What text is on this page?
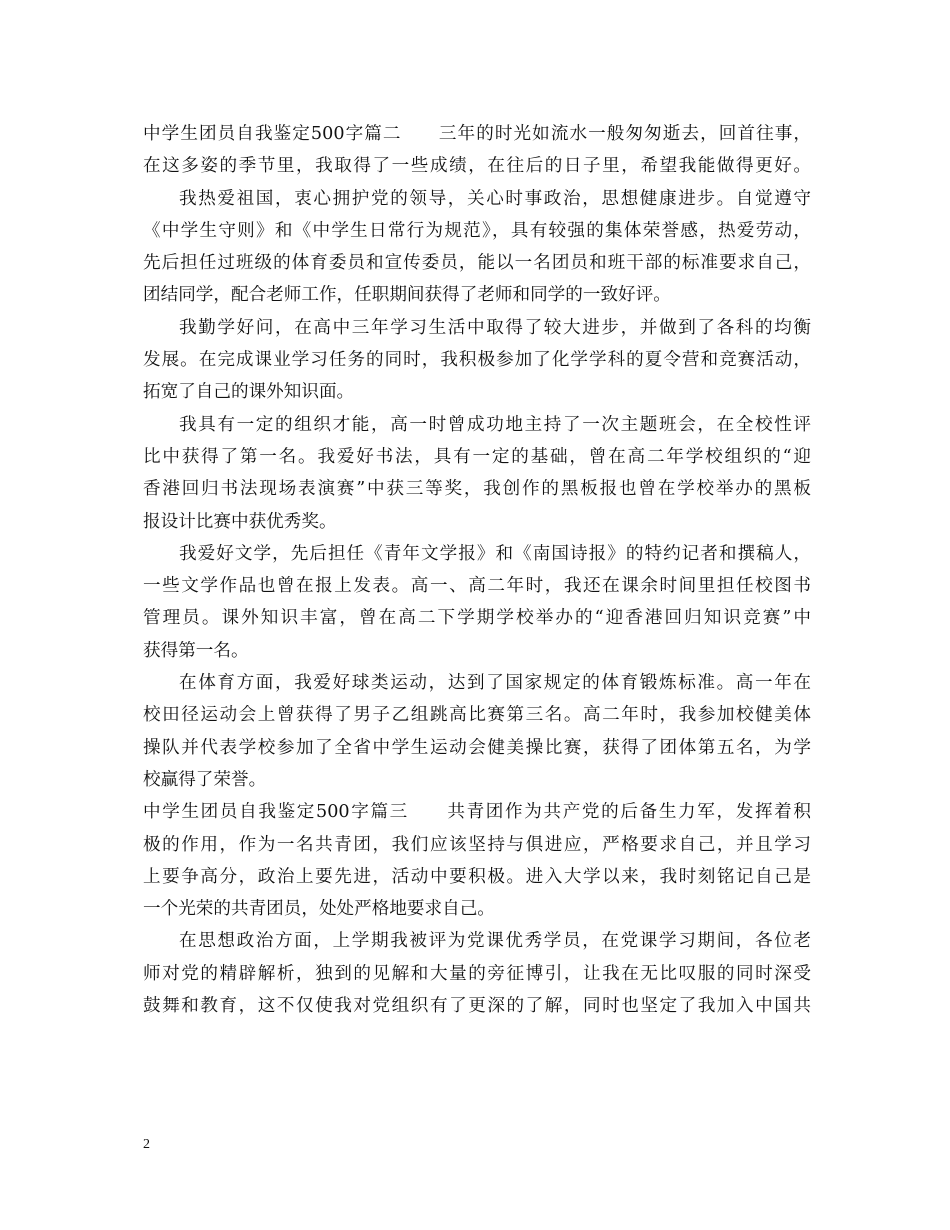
中学生团员自我鉴定500字篇二　　三年的时光如流水一般匆匆逝去，回首往事，
在这多姿的季节里，我取得了一些成绩，在往后的日子里，希望我能做得更好。
我热爱祖国，衷心拥护党的领导，关心时事政治，思想健康进步。自觉遵守
《中学生守则》和《中学生日常行为规范》，具有较强的集体荣誉感，热爱劳动，
先后担任过班级的体育委员和宣传委员，能以一名团员和班干部的标准要求自己，
团结同学，配合老师工作，任职期间获得了老师和同学的一致好评。
我勤学好问，在高中三年学习生活中取得了较大进步，并做到了各科的均衡
发展。在完成课业学习任务的同时，我积极参加了化学学科的夏令营和竞赛活动，
拓宽了自己的课外知识面。
我具有一定的组织才能，高一时曾成功地主持了一次主题班会，在全校性评
比中获得了第一名。我爱好书法，具有一定的基础，曾在高二年学校组织的“迎
香港回归书法现场表演赛”中获三等奖，我创作的黑板报也曾在学校举办的黑板
报设计比赛中获优秀奖。
我爱好文学，先后担任《青年文学报》和《南国诗报》的特约记者和撰稿人，
一些文学作品也曾在报上发表。高一、高二年时，我还在课余时间里担任校图书
管理员。课外知识丰富，曾在高二下学期学校举办的“迎香港回归知识竞赛”中
获得第一名。
在体育方面，我爱好球类运动，达到了国家规定的体育锻炼标准。高一年在
校田径运动会上曾获得了男子乙组跳高比赛第三名。高二年时，我参加校健美体
操队并代表学校参加了全省中学生运动会健美操比赛，获得了团体第五名，为学
校赢得了荣誉。
中学生团员自我鉴定500字篇三　　共青团作为共产党的后备生力军，发挥着积
极的作用，作为一名共青团，我们应该坚持与俱进应，严格要求自己，并且学习
上要争高分，政治上要先进，活动中要积极。进入大学以来，我时刻铭记自己是
一个光荣的共青团员，处处严格地要求自己。
在思想政治方面，上学期我被评为党课优秀学员，在党课学习期间，各位老
师对党的精辟解析，独到的见解和大量的旁征博引，让我在无比叹服的同时深受
鼓舞和教育，这不仅使我对党组织有了更深的了解，同时也坚定了我加入中国共
2
